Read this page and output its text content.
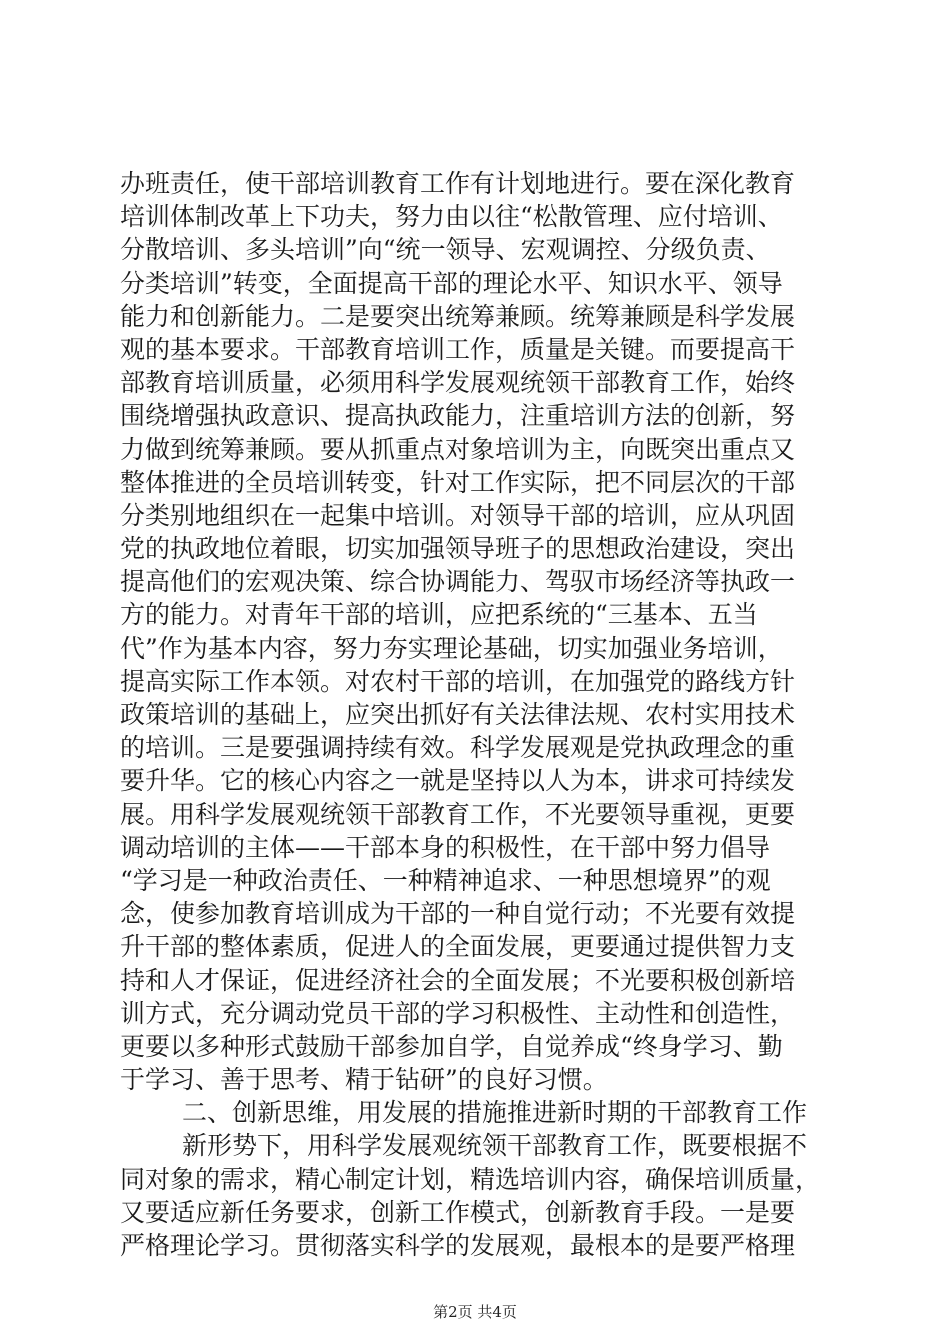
办班责任，使干部培训教育工作有计划地进行。要在深化教育
培训体制改革上下功夫，努力由以往“松散管理、应付培训、
分散培训、多头培训”向“统一领导、宏观调控、分级负责、
分类培训”转变，全面提高干部的理论水平、知识水平、领导
能力和创新能力。二是要突出统筹兼顾。统筹兼顾是科学发展
观的基本要求。干部教育培训工作，质量是关键。而要提高干
部教育培训质量，必须用科学发展观统领干部教育工作，始终
围绕增强执政意识、提高执政能力，注重培训方法的创新，努
力做到统筹兼顾。要从抓重点对象培训为主，向既突出重点又
整体推进的全员培训转变，针对工作实际，把不同层次的干部
分类别地组织在一起集中培训。对领导干部的培训，应从巩固
党的执政地位着眼，切实加强领导班子的思想政治建设，突出
提高他们的宏观决策、综合协调能力、驾驭市场经济等执政一
方的能力。对青年干部的培训，应把系统的“三基本、五当
代”作为基本内容，努力夯实理论基础，切实加强业务培训，
提高实际工作本领。对农村干部的培训，在加强党的路线方针
政策培训的基础上，应突出抓好有关法律法规、农村实用技术
的培训。三是要强调持续有效。科学发展观是党执政理念的重
要升华。它的核心内容之一就是坚持以人为本，讲求可持续发
展。用科学发展观统领干部教育工作，不光要领导重视，更要
调动培训的主体——干部本身的积极性，在干部中努力倡导
“学习是一种政治责任、一种精神追求、一种思想境界”的观
念，使参加教育培训成为干部的一种自觉行动；不光要有效提
升干部的整体素质，促进人的全面发展，更要通过提供智力支
持和人才保证，促进经济社会的全面发展；不光要积极创新培
训方式，充分调动党员干部的学习积极性、主动性和创造性，
更要以多种形式鼓励干部参加自学，自觉养成“终身学习、勤
于学习、善于思考、精于钻研”的良好习惯。
二、创新思维，用发展的措施推进新时期的干部教育工作
新形势下，用科学发展观统领干部教育工作，既要根据不
同对象的需求，精心制定计划，精选培训内容，确保培训质量，
又要适应新任务要求，创新工作模式，创新教育手段。一是要
严格理论学习。贯彻落实科学的发展观，最根本的是要严格理
第2页 共4页
